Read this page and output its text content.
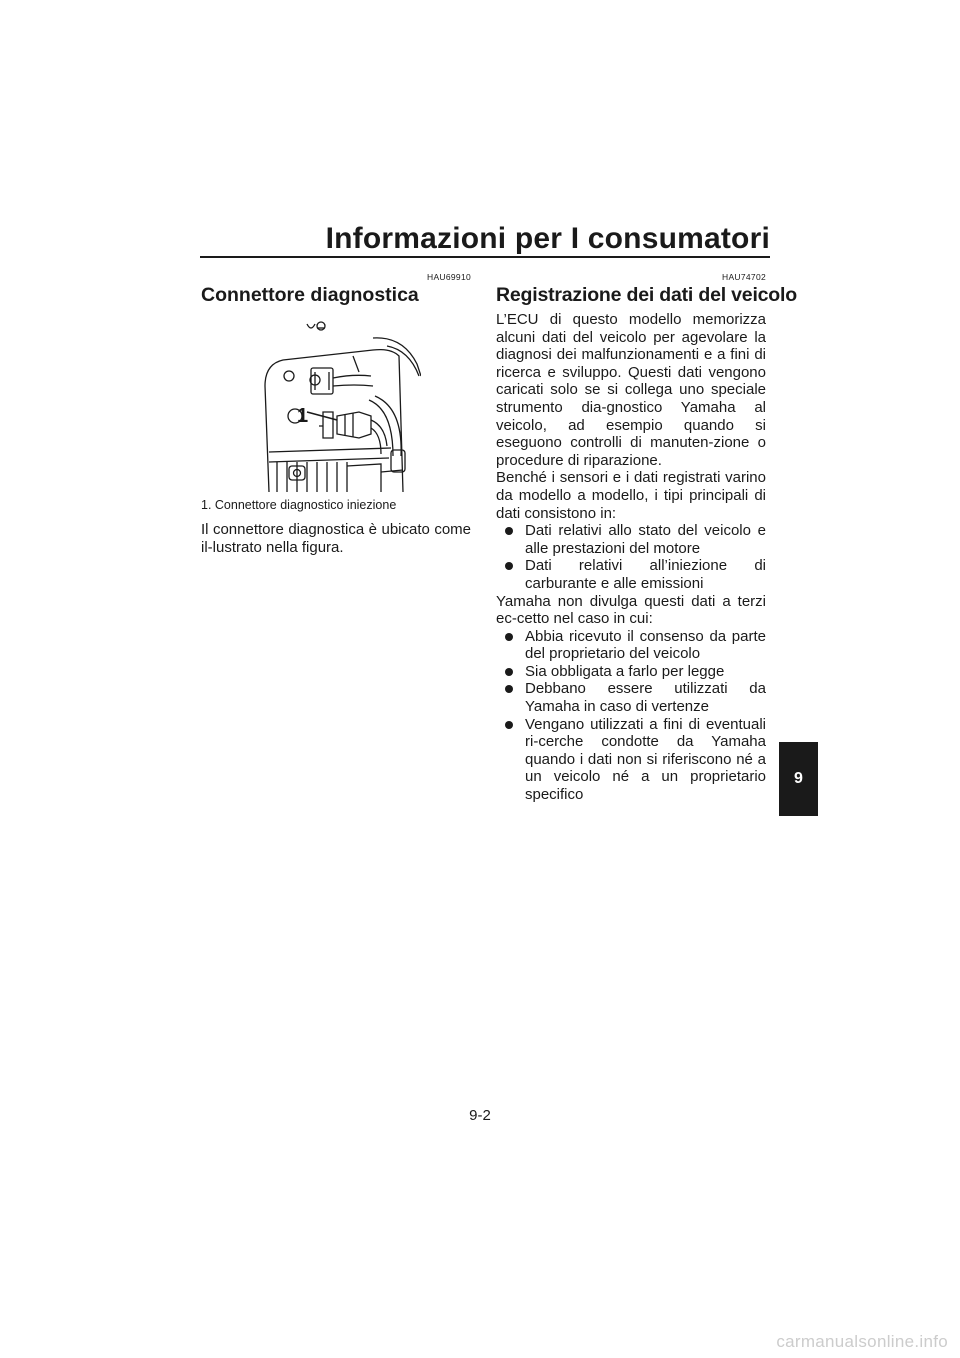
Informazioni per I consumatori
HAU69910
Connettore diagnostica
1
1. Connettore diagnostico iniezione

Il connettore diagnostica è ubicato come il-lustrato nella figura.

HAU74702
Registrazione dei dati del veicolo

L’ECU di questo modello memorizza alcuni dati del veicolo per agevolare la diagnosi dei malfunzionamenti e a fini di ricerca e sviluppo. Questi dati vengono caricati solo se si collega uno speciale strumento dia-gnostico Yamaha al veicolo, ad esempio quando si eseguono controlli di manuten-zione o procedure di riparazione.

Benché i sensori e i dati registrati varino da modello a modello, i tipi principali di dati consistono in:

Dati relativi allo stato del veicolo e alle prestazioni del motore
Dati relativi all’iniezione di carburante e alle emissioni

Yamaha non divulga questi dati a terzi ec-cetto nel caso in cui:

Abbia ricevuto il consenso da parte del proprietario del veicolo
Sia obbligata a farlo per legge
Debbano essere utilizzati da Yamaha in caso di vertenze
Vengano utilizzati a fini di eventuali ri-cerche condotte da Yamaha quando i dati non si riferiscono né a un veicolo né a un proprietario specifico
9
9-2
carmanualsonline.info
